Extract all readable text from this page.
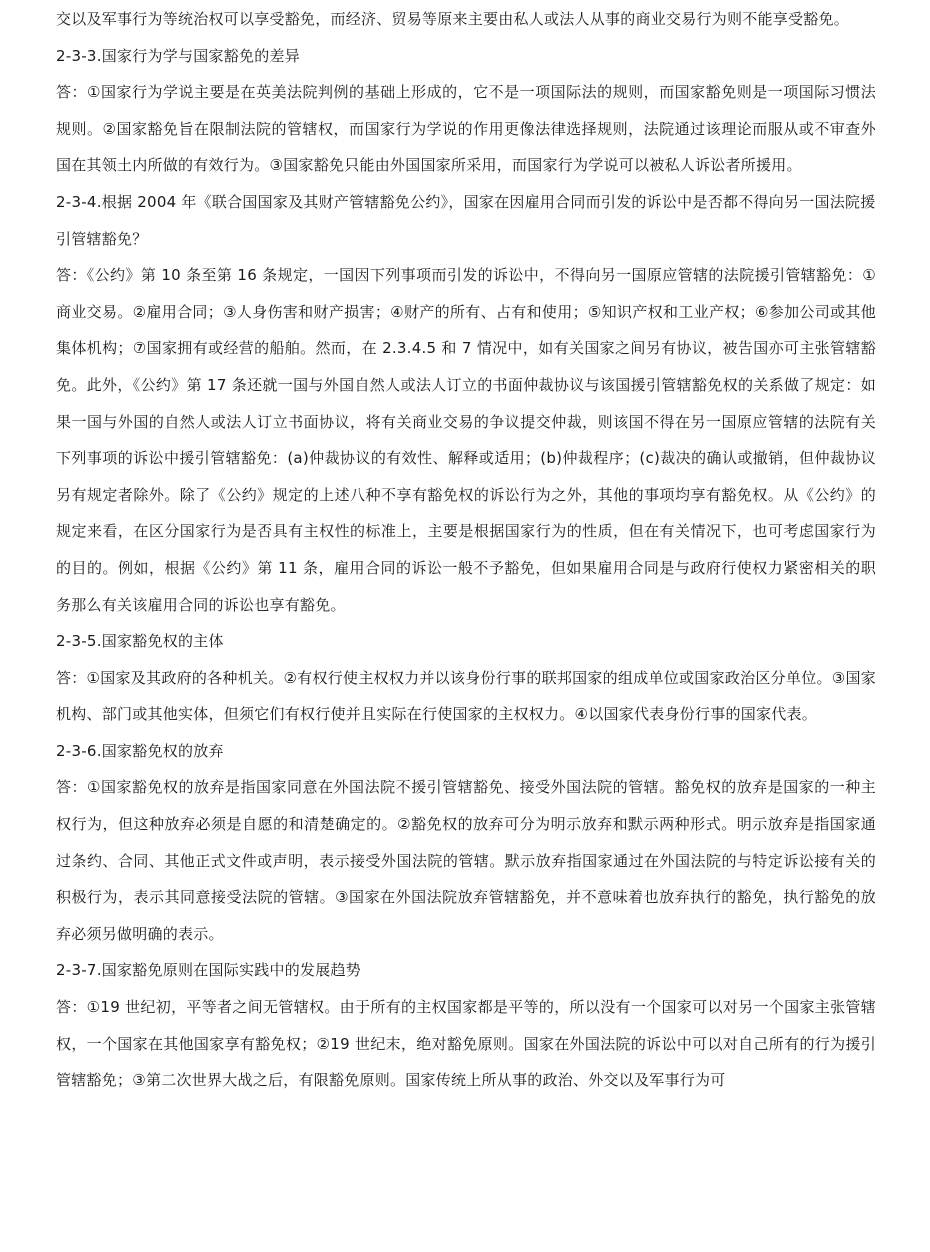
交以及军事行为等统治权可以享受豁免，而经济、贸易等原来主要由私人或法人从事的商业交易行为则不能享受豁免。

2-3-3.国家行为学与国家豁免的差异

答：①国家行为学说主要是在英美法院判例的基础上形成的，它不是一项国际法的规则，而国家豁免则是一项国际习惯法规则。②国家豁免旨在限制法院的管辖权，而国家行为学说的作用更像法律选择规则，法院通过该理论而服从或不审查外国在其领土内所做的有效行为。③国家豁免只能由外国国家所采用，而国家行为学说可以被私人诉讼者所援用。

2-3-4.根据 2004 年《联合国国家及其财产管辖豁免公约》，国家在因雇用合同而引发的诉讼中是否都不得向另一国法院援引管辖豁免？

答：《公约》第 10 条至第 16 条规定，一国因下列事项而引发的诉讼中，不得向另一国原应管辖的法院援引管辖豁免：①商业交易。②雇用合同；③人身伤害和财产损害；④财产的所有、占有和使用；⑤知识产权和工业产权；⑥参加公司或其他集体机构；⑦国家拥有或经营的船舶。然而，在 2.3.4.5 和 7 情况中，如有关国家之间另有协议，被告国亦可主张管辖豁免。此外，《公约》第 17 条还就一国与外国自然人或法人订立的书面仲裁协议与该国援引管辖豁免权的关系做了规定：如果一国与外国的自然人或法人订立书面协议，将有关商业交易的争议提交仲裁，则该国不得在另一国原应管辖的法院有关下列事项的诉讼中援引管辖豁免：(a)仲裁协议的有效性、解释或适用；(b)仲裁程序；(c)裁决的确认或撤销，但仲裁协议另有规定者除外。除了《公约》规定的上述八种不享有豁免权的诉讼行为之外，其他的事项均享有豁免权。从《公约》的规定来看，在区分国家行为是否具有主权性的标准上，主要是根据国家行为的性质，但在有关情况下，也可考虑国家行为的目的。例如，根据《公约》第 11 条，雇用合同的诉讼一般不予豁免，但如果雇用合同是与政府行使权力紧密相关的职务那么有关该雇用合同的诉讼也享有豁免。

2-3-5.国家豁免权的主体

答：①国家及其政府的各种机关。②有权行使主权权力并以该身份行事的联邦国家的组成单位或国家政治区分单位。③国家机构、部门或其他实体，但须它们有权行使并且实际在行使国家的主权权力。④以国家代表身份行事的国家代表。

2-3-6.国家豁免权的放弃

答：①国家豁免权的放弃是指国家同意在外国法院不援引管辖豁免、接受外国法院的管辖。豁免权的放弃是国家的一种主权行为，但这种放弃必须是自愿的和清楚确定的。②豁免权的放弃可分为明示放弃和默示两种形式。明示放弃是指国家通过条约、合同、其他正式文件或声明，表示接受外国法院的管辖。默示放弃指国家通过在外国法院的与特定诉讼接有关的积极行为，表示其同意接受法院的管辖。③国家在外国法院放弃管辖豁免，并不意味着也放弃执行的豁免，执行豁免的放弃必须另做明确的表示。

2-3-7.国家豁免原则在国际实践中的发展趋势

答：①19 世纪初，平等者之间无管辖权。由于所有的主权国家都是平等的，所以没有一个国家可以对另一个国家主张管辖权，一个国家在其他国家享有豁免权；②19 世纪末，绝对豁免原则。国家在外国法院的诉讼中可以对自己所有的行为援引管辖豁免；③第二次世界大战之后，有限豁免原则。国家传统上所从事的政治、外交以及军事行为可
